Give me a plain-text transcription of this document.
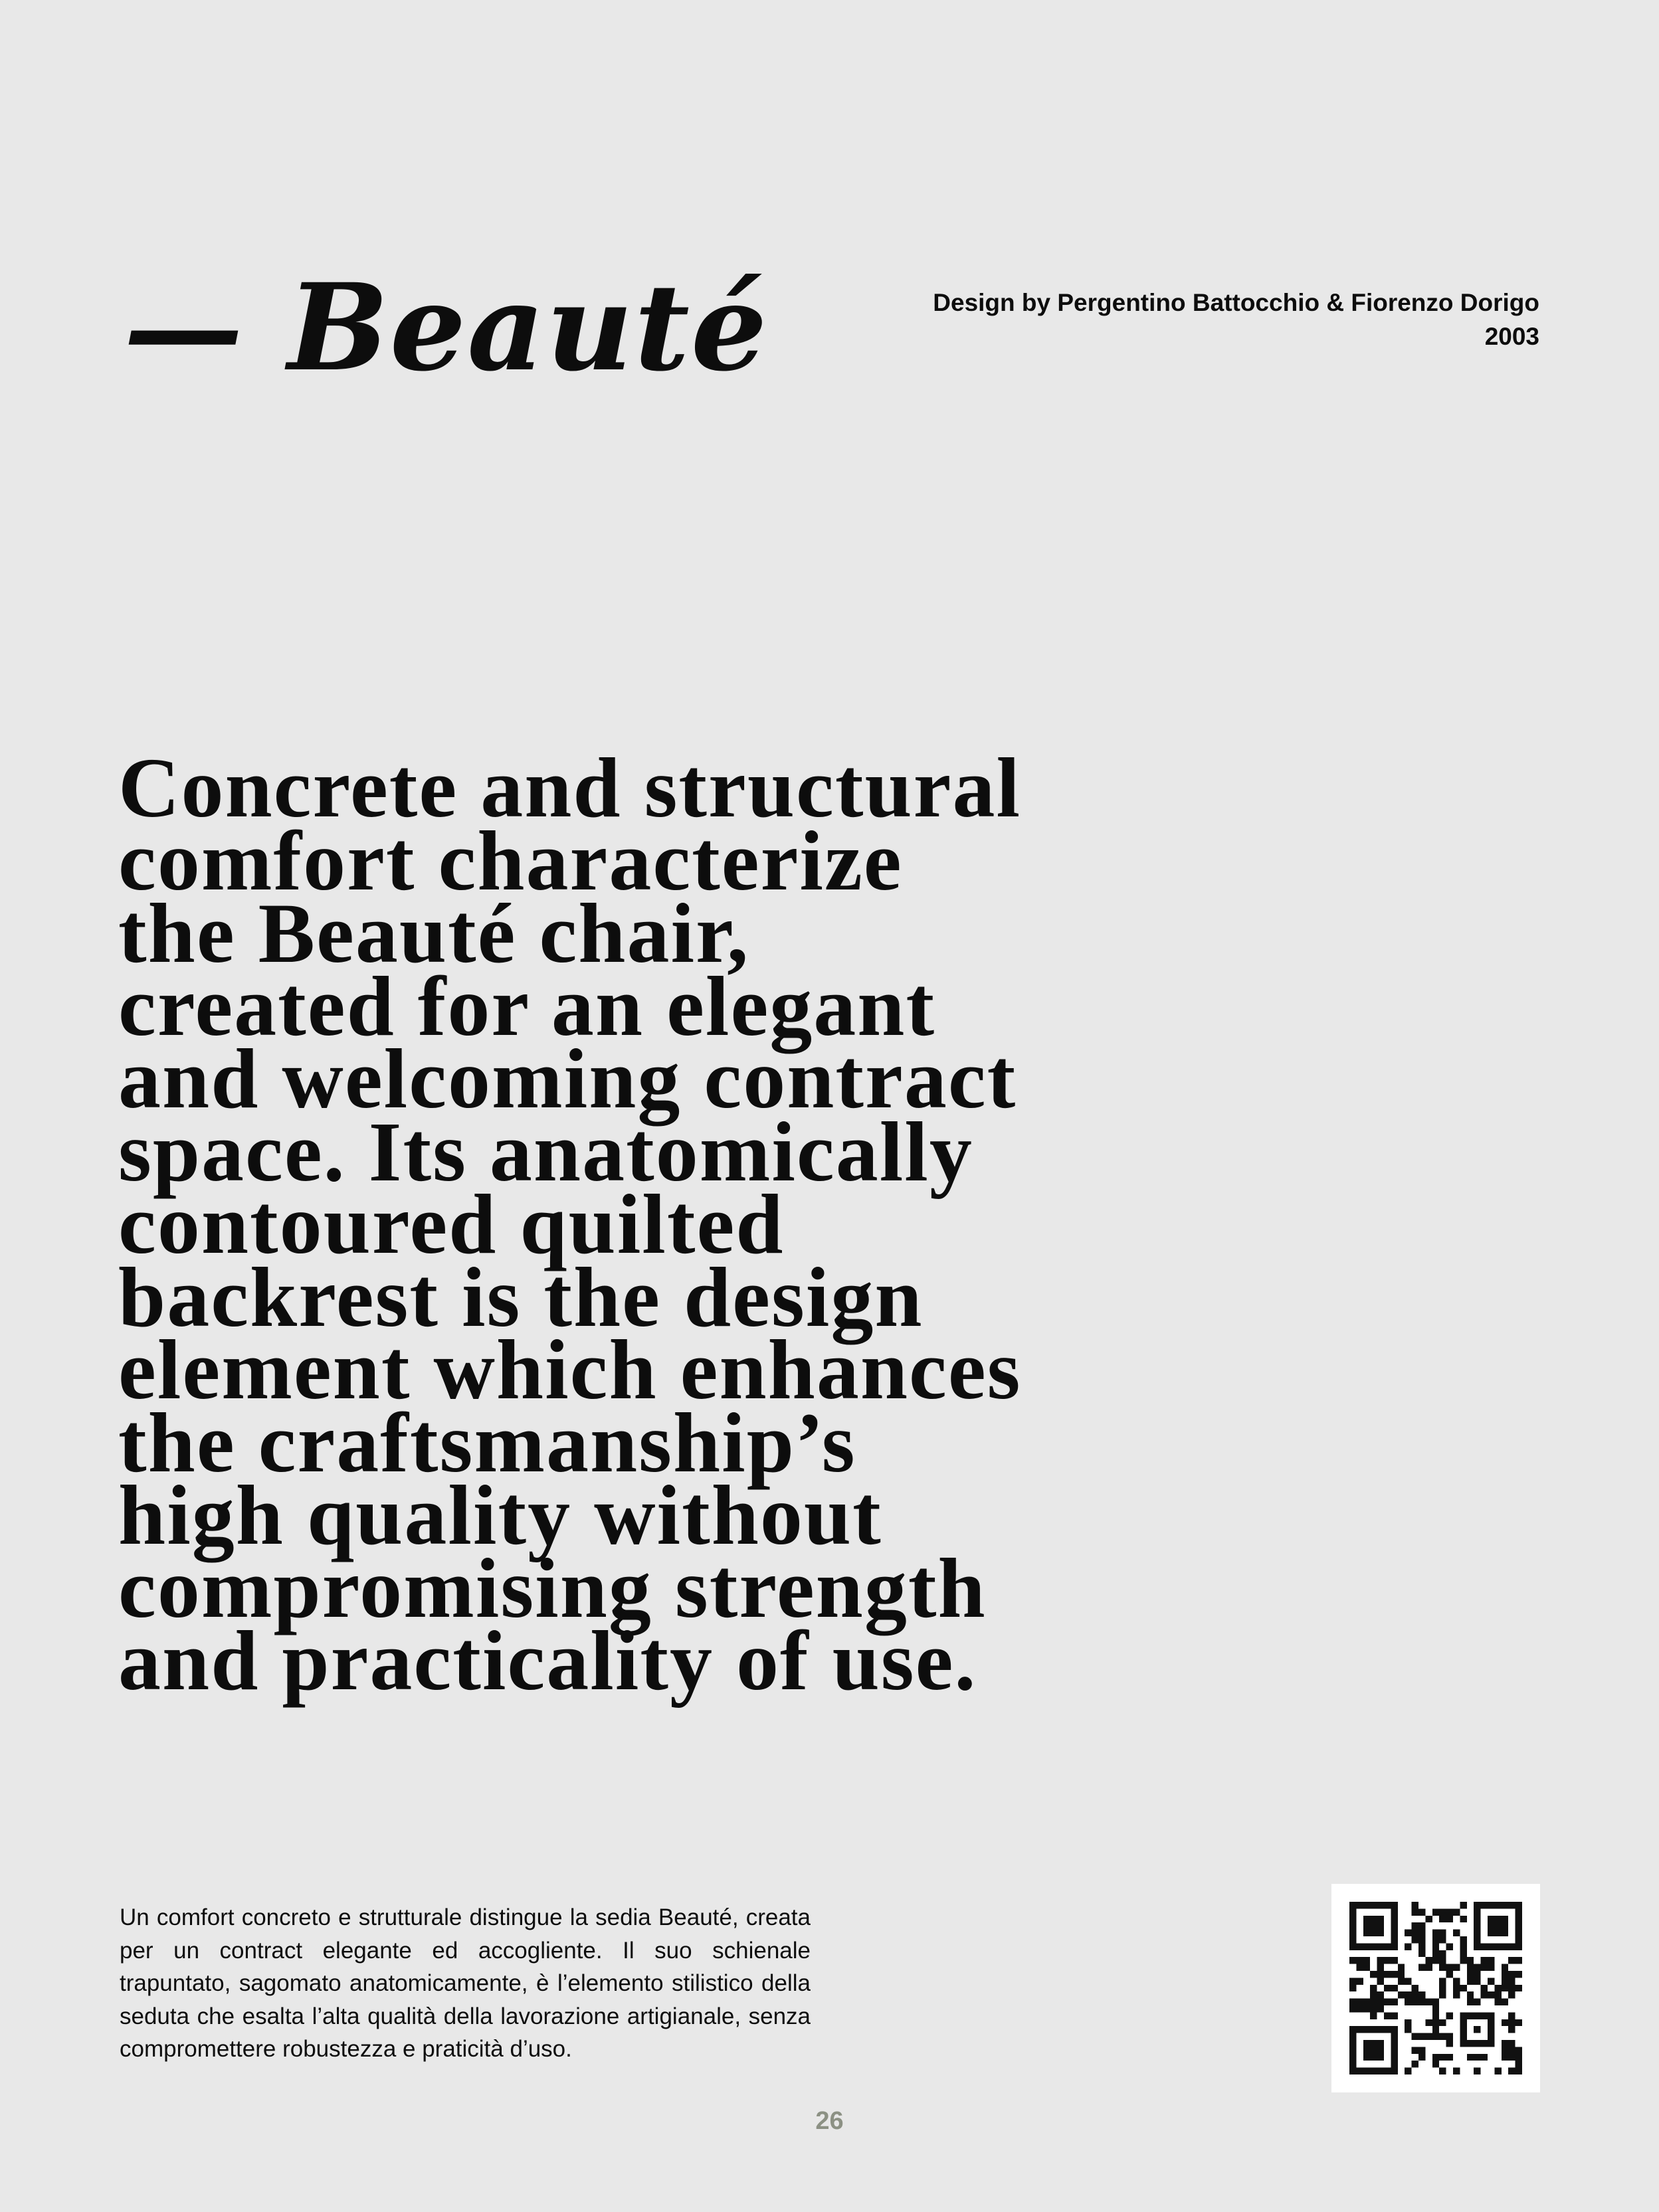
— Beauté	Design by Pergentino Battocchio & Fiorenzo Dorigo
2003

Concrete and structural
comfort characterize
the Beauté chair,
created for an elegant
and welcoming contract
space. Its anatomically
contoured quilted
backrest is the design
element which enhances
the craftsmanship’s
high quality without
compromising strength
and practicality of use.

Un comfort concreto e strutturale distingue la sedia Beauté, creata per un contract elegante ed accogliente. Il suo schienale trapuntato, sagomato anatomicamente, è l’elemento stilistico della seduta che esalta l’alta qualità della lavorazione artigianale, senza compromettere robustezza e praticità d’uso.

26
